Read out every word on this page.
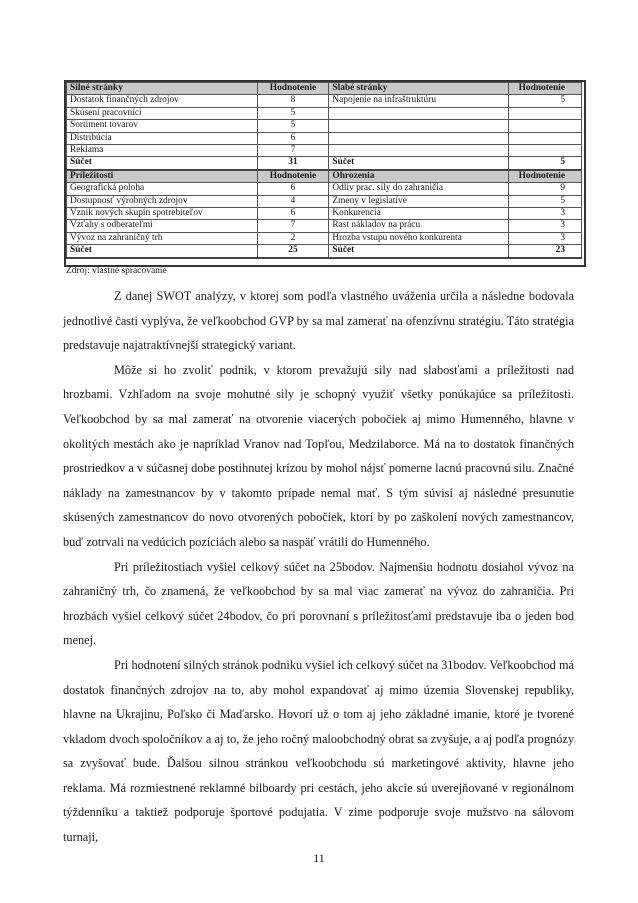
Silné stránky	Hodnotenie	Slabé stránky	Hodnotenie
Dostatok finančných zdrojov	8	Napojenie na infraštruktúru	5
Skúsení pracovníci	5		
Sortiment tovarov	5		
Distribúcia	6		
Reklama	7		
Súčet	31	Súčet	5
Príležitosti	Hodnotenie	Ohrozenia	Hodnotenie
Geografická poloha	6	Odliv prac. sily do zahraničia	9
Dostupnosť výrobných zdrojov	4	Zmeny v legislatíve	5
Vznik nových skupín spotrebiteľov	6	Konkurencia	3
Vzťahy s odberateľmi	7	Rast nákladov na prácu	3
Vývoz na zahraničný trh	2	Hrozba vstupu nového konkurenta	3
Súčet	25	Súčet	23
Zdroj: vlastné spracovanie

Z danej SWOT analýzy, v ktorej som podľa vlastného uváženia určila a následne bodovala jednotlivé časti vyplýva, že veľkoobchod GVP by sa mal zamerať na ofenzívnu stratégiu. Táto stratégia predstavuje najatraktívnejší strategický variant.

Môže si ho zvoliť podnik, v ktorom prevažujú sily nad slabosťami a príležitosti nad hrozbami. Vzhľadom na svoje mohutné sily je schopný využiť všetky ponúkajúce sa príležitosti. Veľkoobchod by sa mal zamerať na otvorenie viacerých pobočiek aj mimo Humenného, hlavne v okolitých mestách ako je napríklad Vranov nad Topľou, Medzilaborce. Má na to dostatok finančných prostriedkov a v súčasnej dobe postihnutej krízou by mohol nájsť pomerne lacnú pracovnú silu. Značné náklady na zamestnancov by v takomto prípade nemal mať. S tým súvisí aj následné presunutie skúsených zamestnancov do novo otvorených pobočiek, ktorí by po zaškolení nových zamestnancov, buď zotrvali na vedúcich pozíciách alebo sa naspäť vrátili do Humenného.

Pri príležitostiach vyšiel celkový súčet na 25bodov. Najmenšiu hodnotu dosiahol vývoz na zahraničný trh, čo znamená, že veľkoobchod by sa mal viac zamerať na vývoz do zahraničia. Pri hrozbách vyšiel celkový súčet 24bodov, čo pri porovnaní s príležitosťami predstavuje iba o jeden bod menej.

Pri hodnotení silných stránok podniku vyšiel ich celkový súčet na 31bodov. Veľkoobchod má dostatok finančných zdrojov na to, aby mohol expandovať aj mimo územia Slovenskej republiky, hlavne na Ukrajinu, Poľsko či Maďarsko. Hovorí už o tom aj jeho základné imanie, ktoré je tvorené vkladom dvoch spoločníkov a aj to, že jeho ročný maloobchodný obrat sa zvyšuje, a aj podľa prognózy sa zvyšovať bude. Ďalšou silnou stránkou veľkoobchodu sú marketingové aktivity, hlavne jeho reklama. Má rozmiestnené reklamné bilboardy pri cestách, jeho akcie sú uverejňované v regionálnom týždenníku a taktiež podporuje športové podujatia. V zime podporuje svoje mužstvo na sálovom turnaji,

11
